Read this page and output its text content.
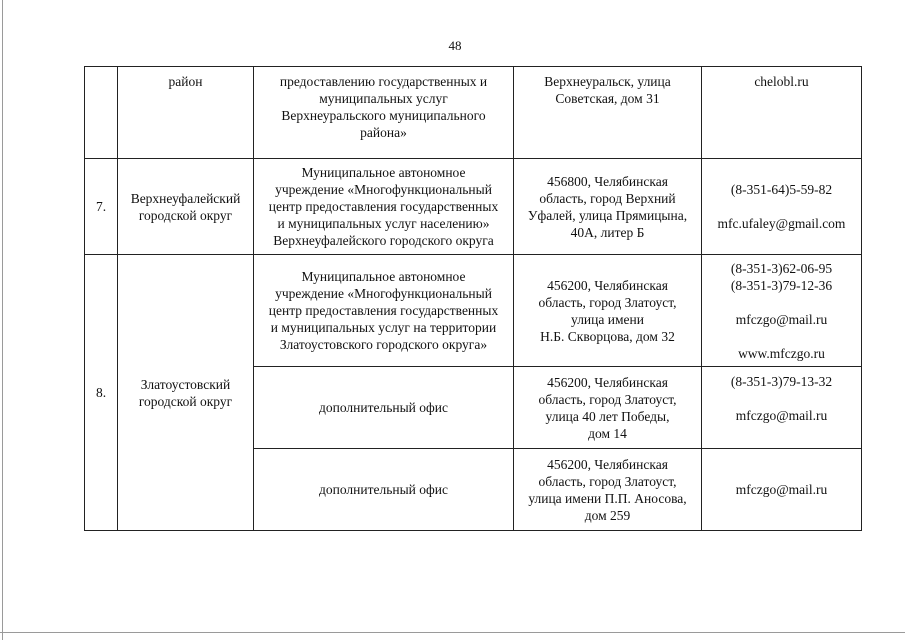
48

	район	предоставлению государственных и
муниципальных услуг
Верхнеуральского муниципального
района»	Верхнеуральск, улица
Советская, дом 31	chelobl.ru

7.	Верхнеуфалейский
городской округ	Муниципальное автономное
учреждение «Многофункциональный
центр предоставления государственных
и муниципальных услуг населению»
Верхнеуфалейского городского округа	456800, Челябинская
область, город Верхний
Уфалей, улица Прямицына,
40А, литер Б	(8-351-64)5-59-82
mfc.ufaley@gmail.com

8.	Златоустовский
городской округ	Муниципальное автономное
учреждение «Многофункциональный
центр предоставления государственных
и муниципальных услуг на территории
Златоустовского городского округа»	456200, Челябинская
область, город Златоуст,
улица имени
Н.Б. Скворцова, дом 32	(8-351-3)62-06-95
(8-351-3)79-12-36
mfczgo@mail.ru
www.mfczgo.ru

		дополнительный офис	456200, Челябинская
область, город Златоуст,
улица 40 лет Победы,
дом 14	(8-351-3)79-13-32
mfczgo@mail.ru

		дополнительный офис	456200, Челябинская
область, город Златоуст,
улица имени П.П. Аносова,
дом 259	mfczgo@mail.ru
